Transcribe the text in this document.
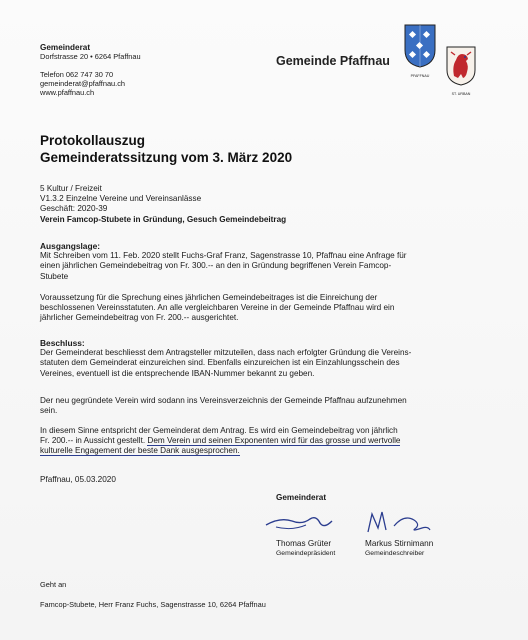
Gemeinderat
Dorfstrasse 20 • 6264 Pfaffnau
Telefon 062 747 30 70
gemeinderat@pfaffnau.ch
www.pfaffnau.ch
Gemeinde Pfaffnau
PFAFFNAU
ST. URBAN
Protokollauszug
Gemeinderatssitzung vom 3. März 2020
5 Kultur / Freizeit
V1.3.2 Einzelne Vereine und Vereinsanlässe
Geschäft: 2020-39
Verein Famcop-Stubete in Gründung, Gesuch Gemeindebeitrag
Ausgangslage:
Mit Schreiben vom 11. Feb. 2020 stellt Fuchs-Graf Franz, Sagenstrasse 10, Pfaffnau eine Anfrage für
einen jährlichen Gemeindebeitrag von Fr. 300.-- an den in Gründung begriffenen Verein Famcop-
Stubete
Voraussetzung für die Sprechung eines jährlichen Gemeindebeitrages ist die Einreichung der
beschlossenen Vereinsstatuten. An alle vergleichbaren Vereine in der Gemeinde Pfaffnau wird ein
jährlicher Gemeindebeitrag von Fr. 200.-- ausgerichtet.
Beschluss:
Der Gemeinderat beschliesst dem Antragsteller mitzuteilen, dass nach erfolgter Gründung die Vereins-
statuten dem Gemeinderat einzureichen sind. Ebenfalls einzureichen ist ein Einzahlungsschein des
Vereines, eventuell ist die entsprechende IBAN-Nummer bekannt zu geben.
Der neu gegründete Verein wird sodann ins Vereinsverzeichnis der Gemeinde Pfaffnau aufzunehmen
sein.
In diesem Sinne entspricht der Gemeinderat dem Antrag. Es wird ein Gemeindebeitrag von jährlich
Fr. 200.-- in Aussicht gestellt. Dem Verein und seinen Exponenten wird für das grosse und wertvolle
kulturelle Engagement der beste Dank ausgesprochen.
Pfaffnau, 05.03.2020
Gemeinderat
Thomas Grüter
Gemeindepräsident
Markus Stirnimann
Gemeindeschreiber
Geht an
Famcop-Stubete, Herr Franz Fuchs, Sagenstrasse 10, 6264 Pfaffnau
